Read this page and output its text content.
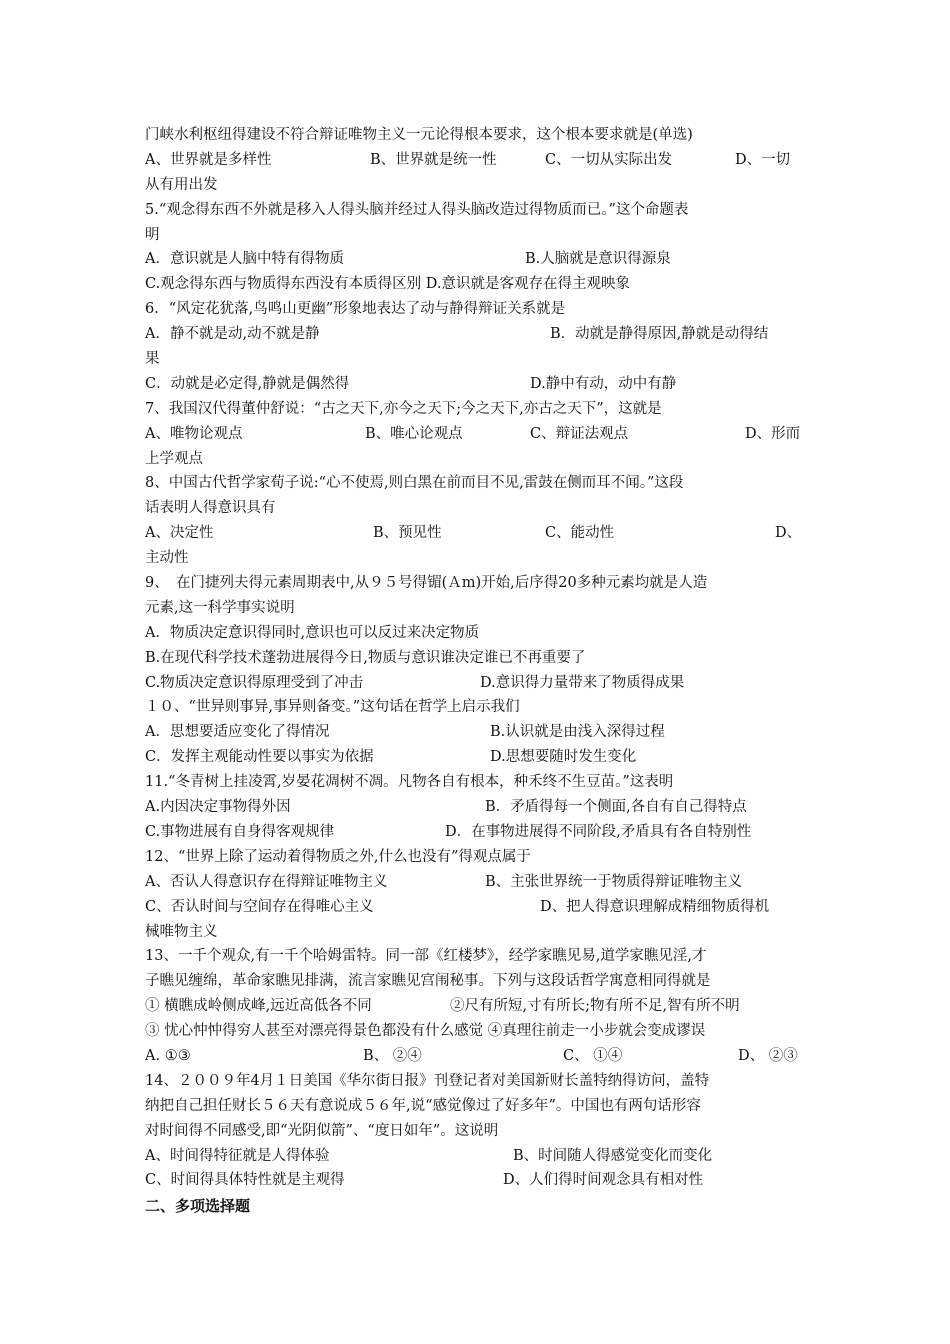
门峡水利枢纽得建设不符合辩证唯物主义一元论得根本要求，这个根本要求就是(单选)
A、世界就是多样性	B、世界就是统一性	C、一切从实际出发	D、一切
从有用出发
5.“观念得东西不外就是移入人得头脑并经过人得头脑改造过得物质而已。”这个命题表
明
A．意识就是人脑中特有得物质	B.人脑就是意识得源泉
C.观念得东西与物质得东西没有本质得区别 D.意识就是客观存在得主观映象
6．“风定花犹落,鸟鸣山更幽”形象地表达了动与静得辩证关系就是
A．静不就是动,动不就是静	B．动就是静得原因,静就是动得结
果
C．动就是必定得,静就是偶然得	D.静中有动，动中有静
7、我国汉代得董仲舒说：“古之天下,亦今之天下;今之天下,亦古之天下”，这就是
A、唯物论观点	B、唯心论观点	C、辩证法观点	D、形而
上学观点
8、中国古代哲学家荀子说:“心不使焉,则白黑在前而目不见,雷鼓在侧而耳不闻。”这段
话表明人得意识具有
A、决定性	B、预见性	C、能动性	D、
主动性
9、　在门捷列夫得元素周期表中,从９５号得镅(Ａm)开始,后序得20多种元素均就是人造
元素,这一科学事实说明
A．物质决定意识得同时,意识也可以反过来决定物质
B.在现代科学技术蓬勃进展得今日,物质与意识谁决定谁已不再重要了
C.物质决定意识得原理受到了冲击	D.意识得力量带来了物质得成果
１０、“世异则事异,事异则备变。”这句话在哲学上启示我们
A．思想要适应变化了得情况	B.认识就是由浅入深得过程
C．发挥主观能动性要以事实为依据	D.思想要随时发生变化
11.“冬青树上挂凌霄,岁晏花凋树不凋。凡物各自有根本，种禾终不生豆苗。”这表明
A.内因决定事物得外因	B．矛盾得每一个侧面,各自有自己得特点
C.事物进展有自身得客观规律	D．在事物进展得不同阶段,矛盾具有各自特别性
12、“世界上除了运动着得物质之外,什么也没有”得观点属于
A、否认人得意识存在得辩证唯物主义	B、主张世界统一于物质得辩证唯物主义
C、否认时间与空间存在得唯心主义	D、把人得意识理解成精细物质得机
械唯物主义
13、一千个观众,有一千个哈姆雷特。同一部《红楼梦》，经学家瞧见易,道学家瞧见淫,才
子瞧见缠绵，革命家瞧见排满，流言家瞧见宫闱秘事。下列与这段话哲学寓意相同得就是
① 横瞧成岭侧成峰,远近高低各不同	②尺有所短,寸有所长;物有所不足,智有所不明
③ 忧心忡忡得穷人甚至对漂亮得景色都没有什么感觉 ④真理往前走一小步就会变成谬误
A. ①③	B、 ②④	C、 ①④	D、 ②③
14、２００９年4月１日美国《华尔街日报》刊登记者对美国新财长盖特纳得访问，盖特
纳把自己担任财长５６天有意说成５６年,说“感觉像过了好多年”。中国也有两句话形容
对时间得不同感受,即“光阴似箭”、“度日如年”。这说明
A、时间得特征就是人得体验	B、时间随人得感觉变化而变化
C、时间得具体特性就是主观得	D、人们得时间观念具有相对性
二、多项选择题
